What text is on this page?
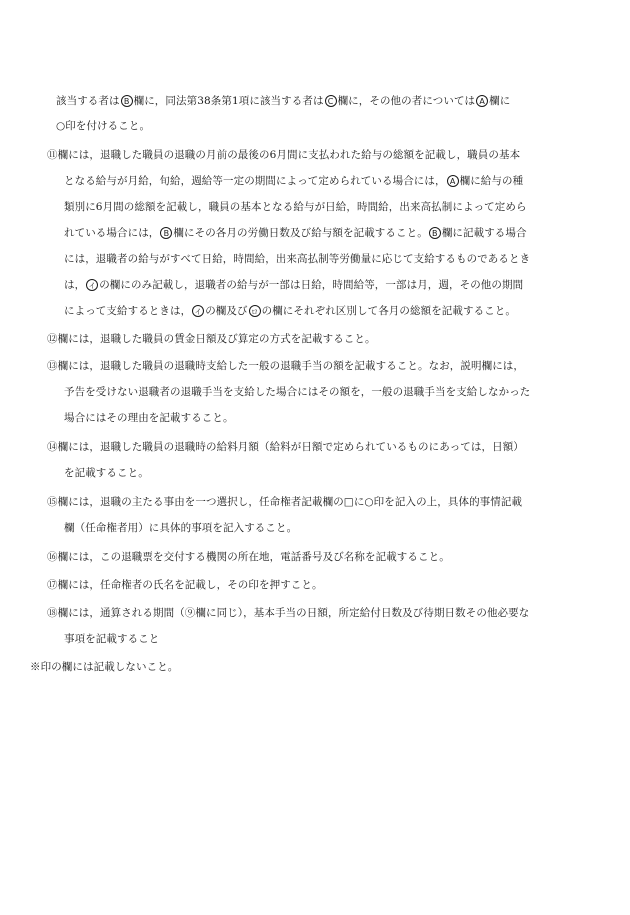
該当する者は B 欄に，同法第38条第1項に該当する者は C 欄に，その他の者については A 欄に
○印を付けること。
⑪欄には，退職した職員の退職の月前の最後の6月間に支払われた給与の総額を記載し，職員の基本
となる給与が月給，旬給，週給等一定の期間によって定められている場合には， A 欄に給与の種
類別に6月間の総額を記載し，職員の基本となる給与が日給，時間給，出来高払制によって定めら
れている場合には， B 欄にその各月の労働日数及び給与額を記載すること。 B 欄に記載する場合
には，退職者の給与がすべて日給，時間給，出来高払制等労働量に応じて支給するものであるとき
は， イ の欄にのみ記載し，退職者の給与が一部は日給，時間給等，一部は月，週，その他の期間
によって支給するときは， イ の欄及び ロ の欄にそれぞれ区別して各月の総額を記載すること。
⑫欄には，退職した職員の賃金日額及び算定の方式を記載すること。
⑬欄には，退職した職員の退職時支給した一般の退職手当の額を記載すること。なお，説明欄には，
予告を受けない退職者の退職手当を支給した場合にはその額を，一般の退職手当を支給しなかった
場合にはその理由を記載すること。
⑭欄には，退職した職員の退職時の給料月額（給料が日額で定められているものにあっては，日額）
を記載すること。
⑮欄には，退職の主たる事由を一つ選択し，任命権者記載欄の□に○印を記入の上，具体的事情記載
欄（任命権者用）に具体的事項を記入すること。
⑯欄には，この退職票を交付する機関の所在地，電話番号及び名称を記載すること。
⑰欄には，任命権者の氏名を記載し，その印を押すこと。
⑱欄には，通算される期間（⑨欄に同じ），基本手当の日額，所定給付日数及び待期日数その他必要な
事項を記載すること
※印の欄には記載しないこと。
